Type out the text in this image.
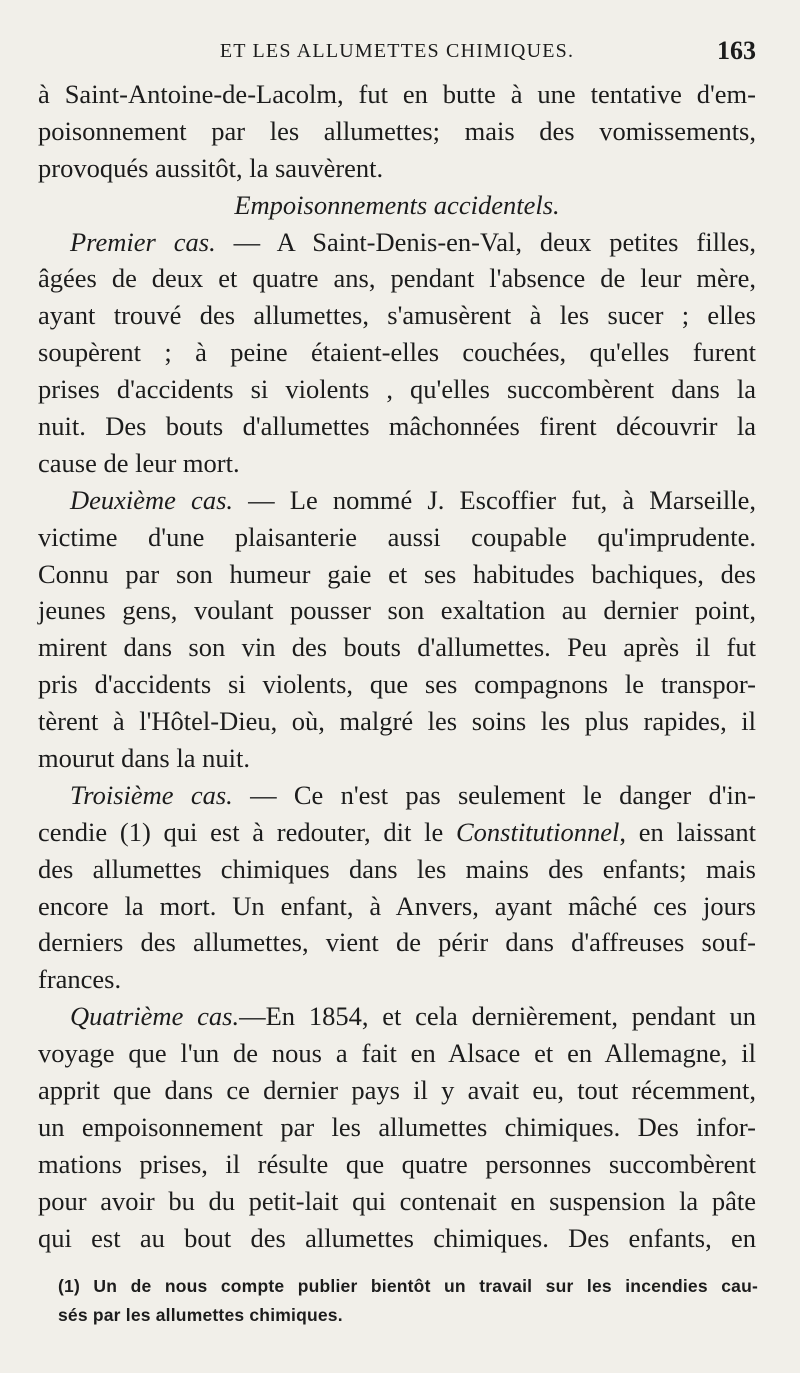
ET LES ALLUMETTES CHIMIQUES.	163
à Saint-Antoine-de-Lacolm, fut en butte à une tentative d'em-
poisonnement par les allumettes; mais des vomissements,
provoqués aussitôt, la sauvèrent.
Empoisonnements accidentels.
Premier cas. — A Saint-Denis-en-Val, deux petites filles,
âgées de deux et quatre ans, pendant l'absence de leur mère,
ayant trouvé des allumettes, s'amusèrent à les sucer ; elles
soupèrent ; à peine étaient-elles couchées, qu'elles furent
prises d'accidents si violents , qu'elles succombèrent dans la
nuit. Des bouts d'allumettes mâchonnées firent découvrir la
cause de leur mort.
Deuxième cas. — Le nommé J. Escoffier fut, à Marseille,
victime d'une plaisanterie aussi coupable qu'imprudente.
Connu par son humeur gaie et ses habitudes bachiques, des
jeunes gens, voulant pousser son exaltation au dernier point,
mirent dans son vin des bouts d'allumettes. Peu après il fut
pris d'accidents si violents, que ses compagnons le transpor-
tèrent à l'Hôtel-Dieu, où, malgré les soins les plus rapides, il
mourut dans la nuit.
Troisième cas. — Ce n'est pas seulement le danger d'in-
cendie (1) qui est à redouter, dit le Constitutionnel, en laissant
des allumettes chimiques dans les mains des enfants; mais
encore la mort. Un enfant, à Anvers, ayant mâché ces jours
derniers des allumettes, vient de périr dans d'affreuses souf-
frances.
Quatrième cas.—En 1854, et cela dernièrement, pendant un
voyage que l'un de nous a fait en Alsace et en Allemagne, il
apprit que dans ce dernier pays il y avait eu, tout récemment,
un empoisonnement par les allumettes chimiques. Des infor-
mations prises, il résulte que quatre personnes succombèrent
pour avoir bu du petit-lait qui contenait en suspension la pâte
qui est au bout des allumettes chimiques. Des enfants, en
(1) Un de nous compte publier bientôt un travail sur les incendies cau-
sés par les allumettes chimiques.
